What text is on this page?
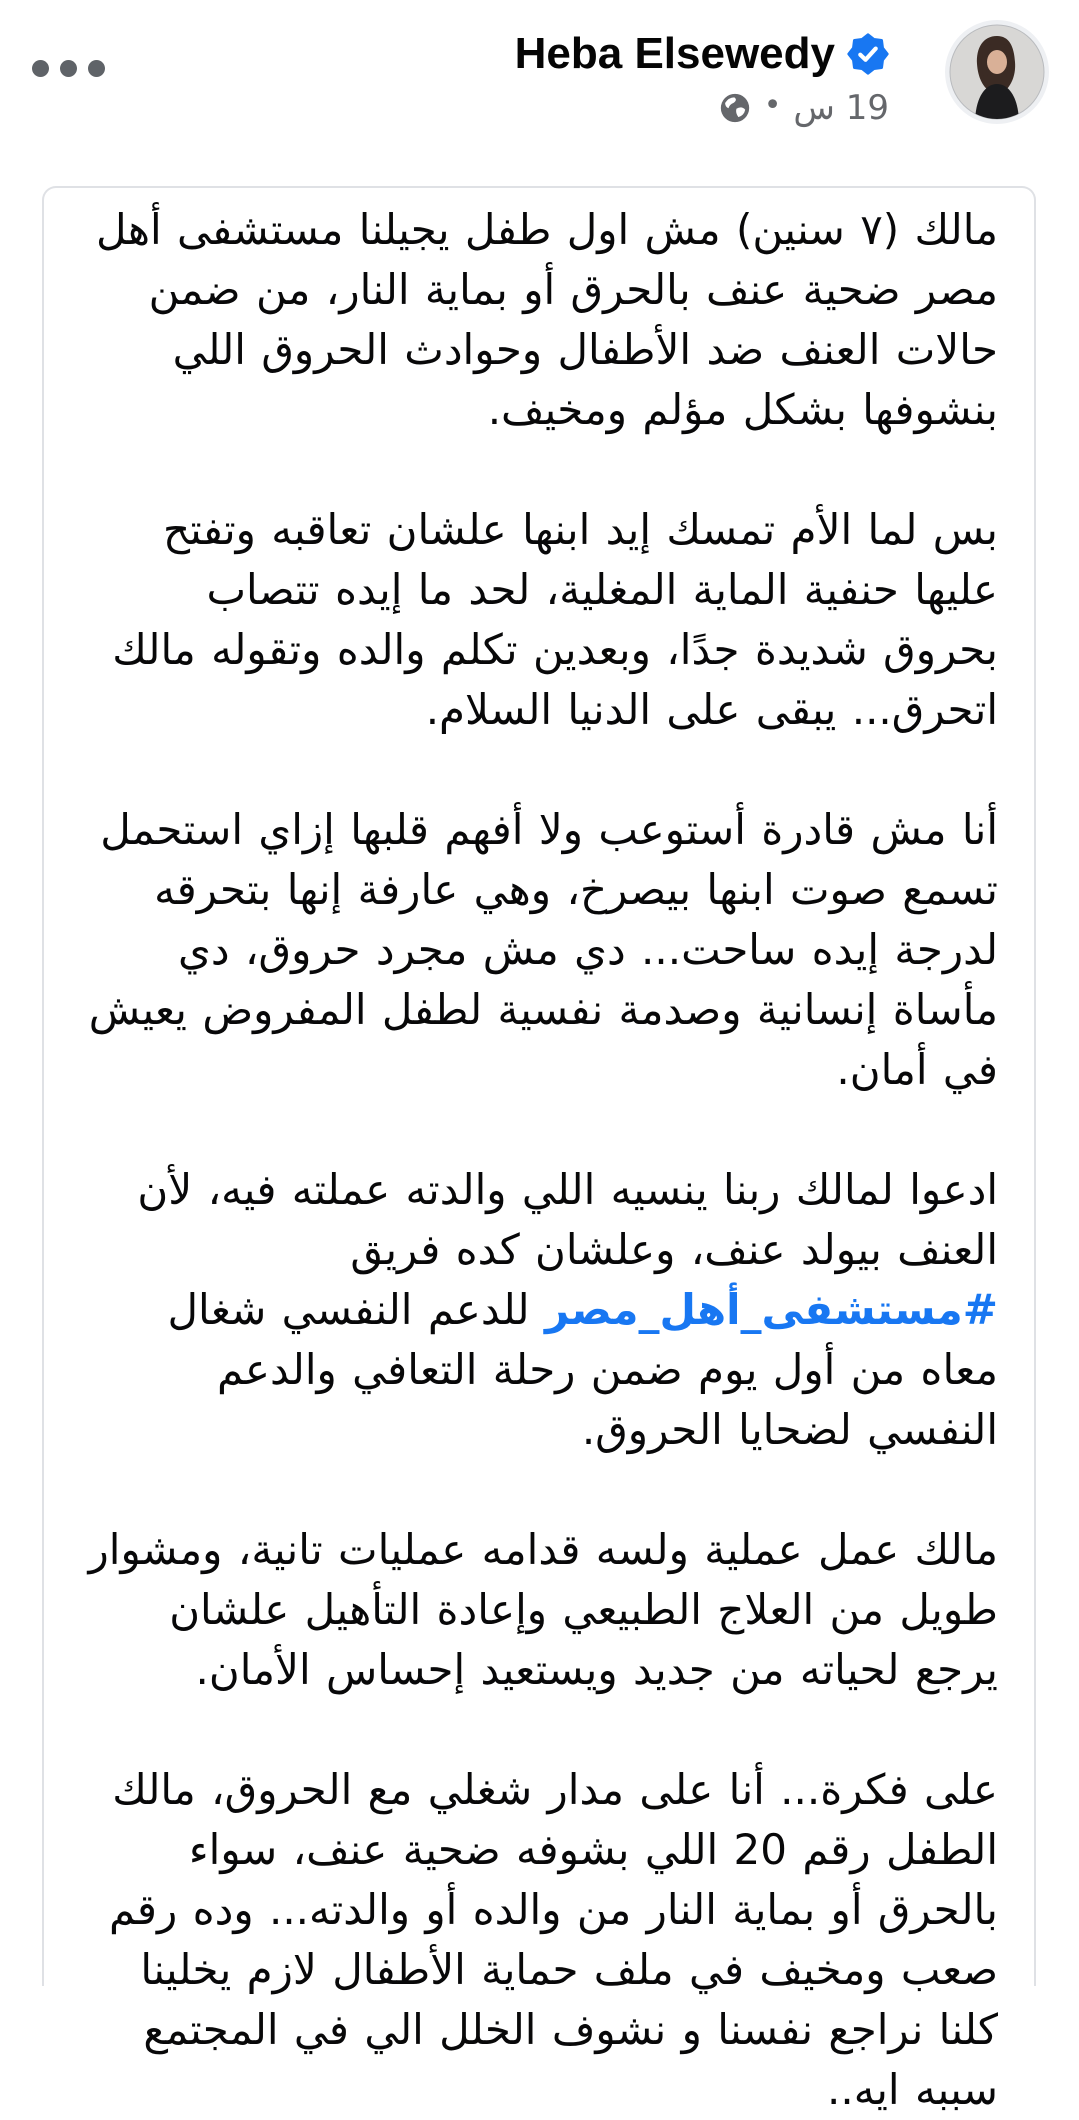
Heba Elsewedy
19 س
•

مالك (٧ سنين) مش اول طفل يجيلنا مستشفى أهل مصر ضحية عنف بالحرق أو بماية النار، من ضمن حالات العنف ضد الأطفال وحوادث الحروق اللي بنشوفها بشكل مؤلم ومخيف.

بس لما الأم تمسك إيد ابنها علشان تعاقبه وتفتح عليها حنفية الماية المغلية، لحد ما إيده تتصاب بحروق شديدة جدًا، وبعدين تكلم والده وتقوله مالك اتحرق... يبقى على الدنيا السلام.

أنا مش قادرة أستوعب ولا أفهم قلبها إزاي استحمل تسمع صوت ابنها بيصرخ، وهي عارفة إنها بتحرقه لدرجة إيده ساحت... دي مش مجرد حروق، دي مأساة إنسانية وصدمة نفسية لطفل المفروض يعيش في أمان.

ادعوا لمالك ربنا ينسيه اللي والدته عملته فيه، لأن العنف بيولد عنف، وعلشان كده فريق #مستشفى_أهل_مصر للدعم النفسي شغال معاه من أول يوم ضمن رحلة التعافي والدعم النفسي لضحايا الحروق.

مالك عمل عملية ولسه قدامه عمليات تانية، ومشوار طويل من العلاج الطبيعي وإعادة التأهيل علشان يرجع لحياته من جديد ويستعيد إحساس الأمان.

على فكرة... أنا على مدار شغلي مع الحروق، مالك الطفل رقم 20 اللي بشوفه ضحية عنف، سواء بالحرق أو بماية النار من والده أو والدته... وده رقم صعب ومخيف في ملف حماية الأطفال لازم يخلينا كلنا نراجع نفسنا و نشوف الخلل الي في المجتمع سببه ايه..
